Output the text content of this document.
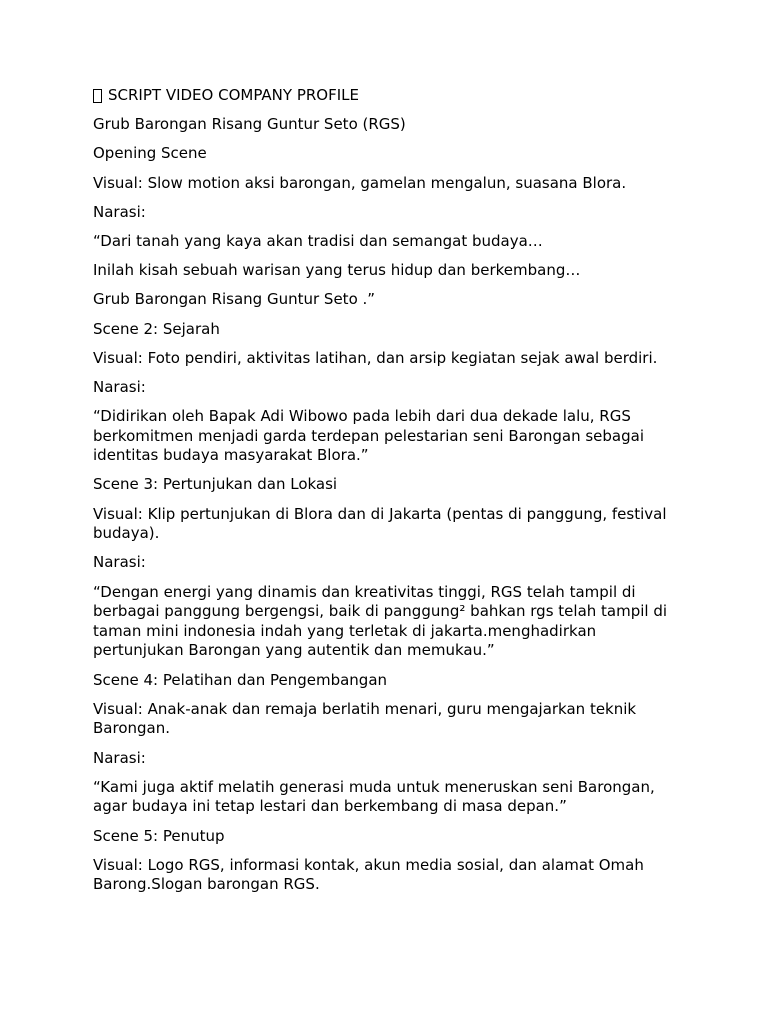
SCRIPT VIDEO COMPANY PROFILE

Grub Barongan Risang Guntur Seto (RGS)

Opening Scene

Visual: Slow motion aksi barongan, gamelan mengalun, suasana Blora.

Narasi:

“Dari tanah yang kaya akan tradisi dan semangat budaya…

Inilah kisah sebuah warisan yang terus hidup dan berkembang…

Grub Barongan Risang Guntur Seto .”

Scene 2: Sejarah

Visual: Foto pendiri, aktivitas latihan, dan arsip kegiatan sejak awal berdiri.

Narasi:

“Didirikan oleh Bapak Adi Wibowo pada lebih dari dua dekade lalu, RGS berkomitmen menjadi garda terdepan pelestarian seni Barongan sebagai identitas budaya masyarakat Blora.”

Scene 3: Pertunjukan dan Lokasi

Visual: Klip pertunjukan di Blora dan di Jakarta (pentas di panggung, festival budaya).

Narasi:

“Dengan energi yang dinamis dan kreativitas tinggi, RGS telah tampil di berbagai panggung bergengsi, baik di panggung² bahkan rgs telah tampil di taman mini indonesia indah yang terletak di jakarta.menghadirkan pertunjukan Barongan yang autentik dan memukau.”

Scene 4: Pelatihan dan Pengembangan

Visual: Anak-anak dan remaja berlatih menari, guru mengajarkan teknik Barongan.

Narasi:

“Kami juga aktif melatih generasi muda untuk meneruskan seni Barongan, agar budaya ini tetap lestari dan berkembang di masa depan.”

Scene 5: Penutup

Visual: Logo RGS, informasi kontak, akun media sosial, dan alamat Omah Barong.Slogan barongan RGS.
